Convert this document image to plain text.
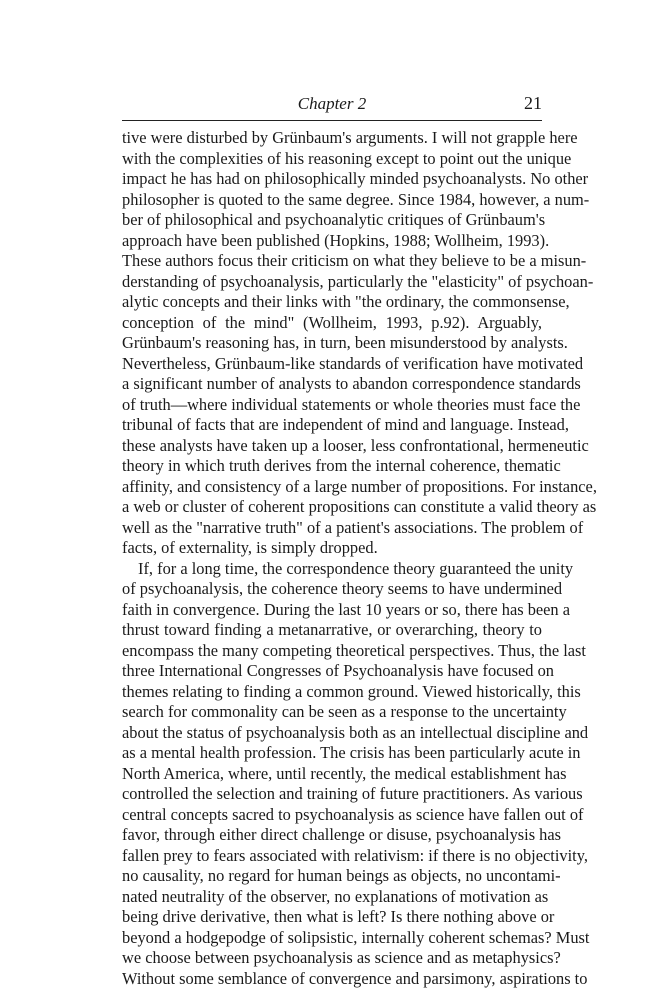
Chapter 2	21
tive were disturbed by Grünbaum's arguments. I will not grapple here
with the complexities of his reasoning except to point out the unique
impact he has had on philosophically minded psychoanalysts. No other
philosopher is quoted to the same degree. Since 1984, however, a num-
ber of philosophical and psychoanalytic critiques of Grünbaum's
approach have been published (Hopkins, 1988; Wollheim, 1993).
These authors focus their criticism on what they believe to be a misun-
derstanding of psychoanalysis, particularly the "elasticity" of psychoan-
alytic concepts and their links with "the ordinary, the commonsense,
conception of the mind" (Wollheim, 1993, p.92). Arguably,
Grünbaum's reasoning has, in turn, been misunderstood by analysts.
Nevertheless, Grünbaum-like standards of verification have motivated
a significant number of analysts to abandon correspondence standards
of truth—where individual statements or whole theories must face the
tribunal of facts that are independent of mind and language. Instead,
these analysts have taken up a looser, less confrontational, hermeneutic
theory in which truth derives from the internal coherence, thematic
affinity, and consistency of a large number of propositions. For instance,
a web or cluster of coherent propositions can constitute a valid theory as
well as the "narrative truth" of a patient's associations. The problem of
facts, of externality, is simply dropped.
If, for a long time, the correspondence theory guaranteed the unity
of psychoanalysis, the coherence theory seems to have undermined
faith in convergence. During the last 10 years or so, there has been a
thrust toward finding a metanarrative, or overarching, theory to
encompass the many competing theoretical perspectives. Thus, the last
three International Congresses of Psychoanalysis have focused on
themes relating to finding a common ground. Viewed historically, this
search for commonality can be seen as a response to the uncertainty
about the status of psychoanalysis both as an intellectual discipline and
as a mental health profession. The crisis has been particularly acute in
North America, where, until recently, the medical establishment has
controlled the selection and training of future practitioners. As various
central concepts sacred to psychoanalysis as science have fallen out of
favor, through either direct challenge or disuse, psychoanalysis has
fallen prey to fears associated with relativism: if there is no objectivity,
no causality, no regard for human beings as objects, no uncontami-
nated neutrality of the observer, no explanations of motivation as
being drive derivative, then what is left? Is there nothing above or
beyond a hodgepodge of solipsistic, internally coherent schemas? Must
we choose between psychoanalysis as science and as metaphysics?
Without some semblance of convergence and parsimony, aspirations to
